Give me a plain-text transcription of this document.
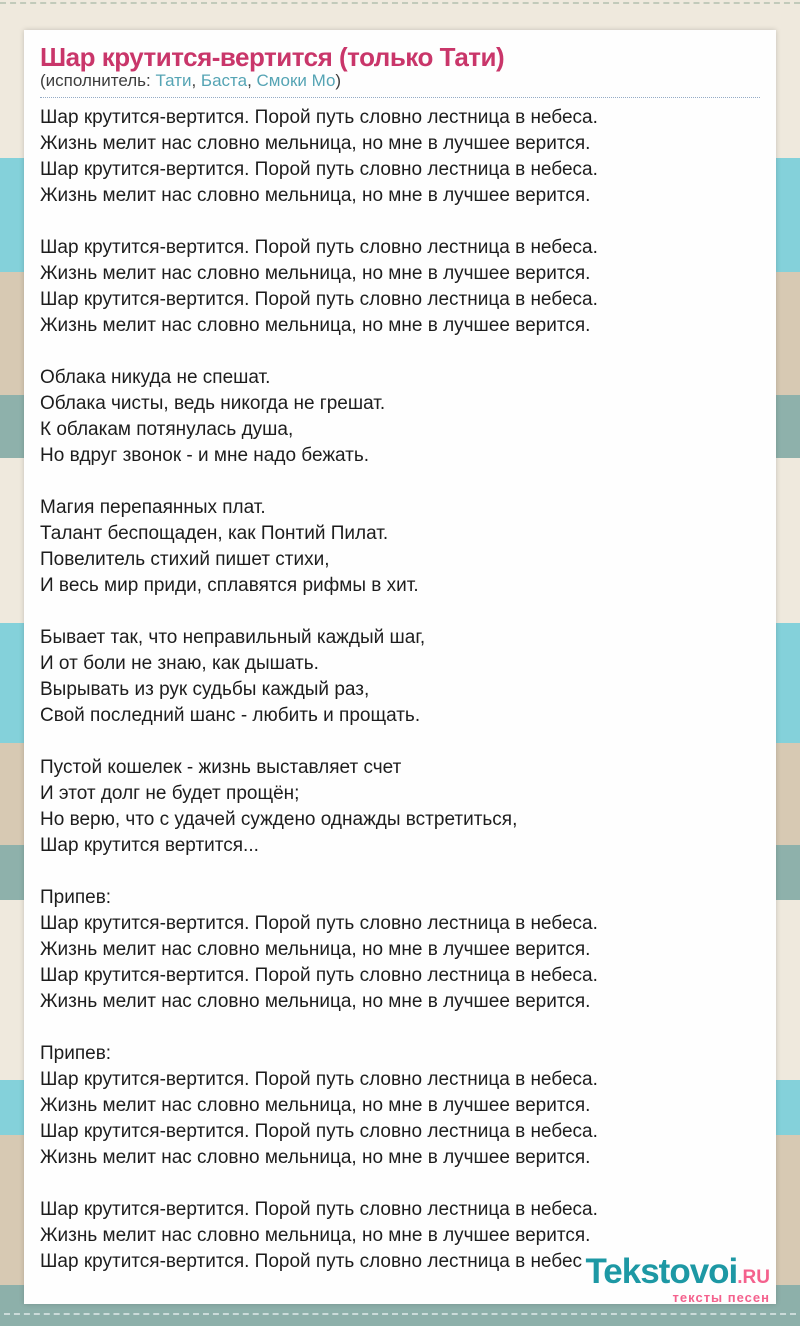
Шар крутится-вертится (только Тати)
(исполнитель: Тати, Баста, Смоки Мо)
Шар крутится-вертится. Порой путь словно лестница в небеса.
Жизнь мелит нас словно мельница, но мне в лучшее верится.
Шар крутится-вертится. Порой путь словно лестница в небеса.
Жизнь мелит нас словно мельница, но мне в лучшее верится.

Шар крутится-вертится. Порой путь словно лестница в небеса.
Жизнь мелит нас словно мельница, но мне в лучшее верится.
Шар крутится-вертится. Порой путь словно лестница в небеса.
Жизнь мелит нас словно мельница, но мне в лучшее верится.

Облака никуда не спешат.
Облака чисты, ведь никогда не грешат.
К облакам потянулась душа,
Но вдруг звонок - и мне надо бежать.

Магия перепаянных плат.
Талант беспощаден, как Понтий Пилат.
Повелитель стихий пишет стихи,
И весь мир приди, сплавятся рифмы в хит.

Бывает так, что неправильный каждый шаг,
И от боли не знаю, как дышать.
Вырывать из рук судьбы каждый раз,
Свой последний шанс - любить и прощать.

Пустой кошелек - жизнь выставляет счет
И этот долг не будет прощён;
Но верю, что с удачей суждено однажды встретиться,
Шар крутится вертится...

Припев:
Шар крутится-вертится. Порой путь словно лестница в небеса.
Жизнь мелит нас словно мельница, но мне в лучшее верится.
Шар крутится-вертится. Порой путь словно лестница в небеса.
Жизнь мелит нас словно мельница, но мне в лучшее верится.

Припев:
Шар крутится-вертится. Порой путь словно лестница в небеса.
Жизнь мелит нас словно мельница, но мне в лучшее верится.
Шар крутится-вертится. Порой путь словно лестница в небеса.
Жизнь мелит нас словно мельница, но мне в лучшее верится.

Шар крутится-вертится. Порой путь словно лестница в небеса.
Жизнь мелит нас словно мельница, но мне в лучшее верится.
Шар крутится-вертится. Порой путь словно лестница в небес Tekstovoi.RU
тексты песен
